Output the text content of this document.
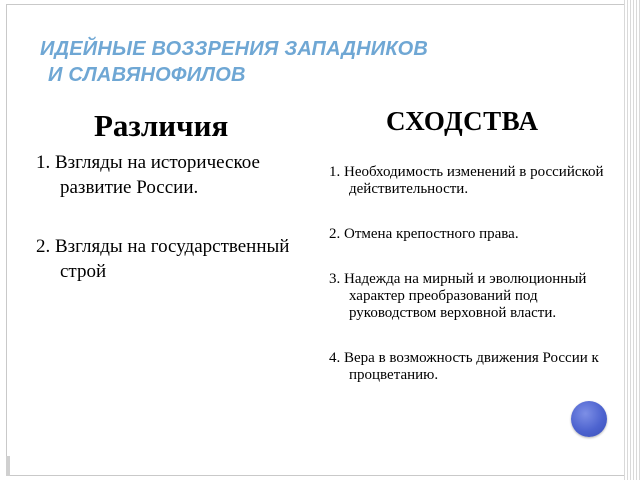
ИДЕЙНЫЕ ВОЗЗРЕНИЯ ЗАПАДНИКОВ
И СЛАВЯНОФИЛОВ
Различия	СХОДСТВА
1. Взгляды на историческое развитие России.
2. Взгляды на государственный строй
1. Необходимость изменений в российской действительности.
2. Отмена крепостного права.
3. Надежда на мирный и эволюционный характер преобразований под руководством верховной власти.
4. Вера в возможность движения России к процветанию.
